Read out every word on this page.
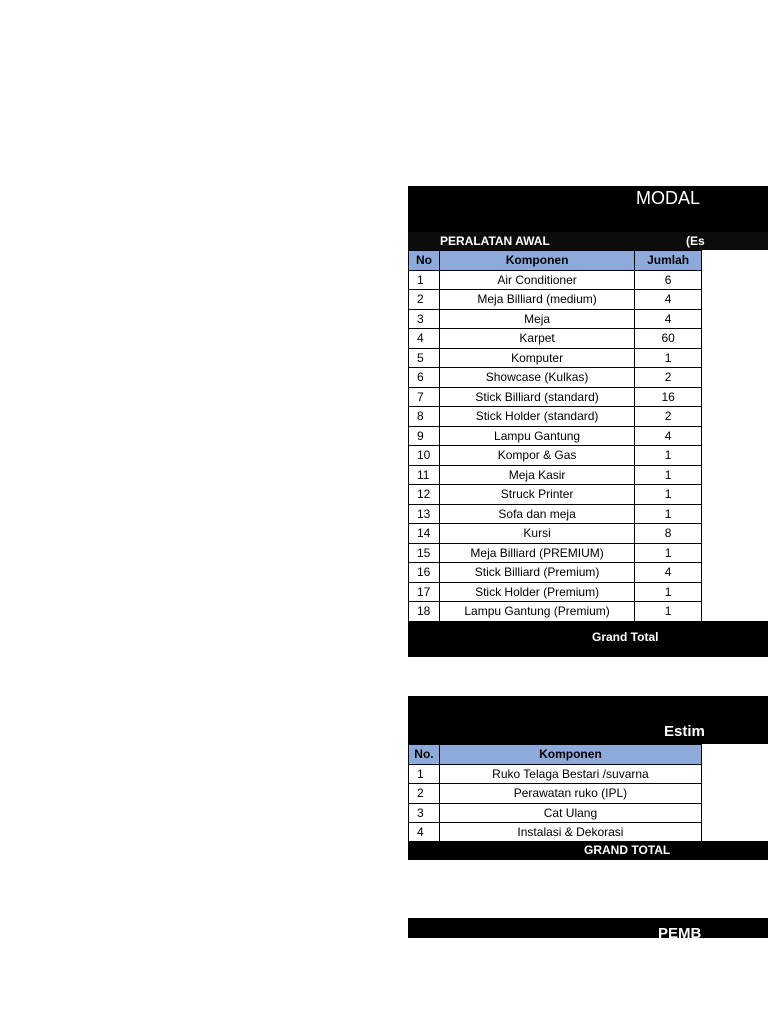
MODAL
PERALATAN AWAL	(Es
No	Komponen	Jumlah
1	Air Conditioner	6
2	Meja Billiard (medium)	4
3	Meja	4
4	Karpet	60
5	Komputer	1
6	Showcase (Kulkas)	2
7	Stick Billiard (standard)	16
8	Stick Holder (standard)	2
9	Lampu Gantung	4
10	Kompor & Gas	1
11	Meja Kasir	1
12	Struck Printer	1
13	Sofa dan meja	1
14	Kursi	8
15	Meja Billiard (PREMIUM)	1
16	Stick Billiard (Premium)	4
17	Stick Holder (Premium)	1
18	Lampu Gantung (Premium)	1
Grand Total
Estim
No.	Komponen
1	Ruko Telaga Bestari /suvarna
2	Perawatan ruko (IPL)
3	Cat Ulang
4	Instalasi & Dekorasi
GRAND TOTAL
PEMB
